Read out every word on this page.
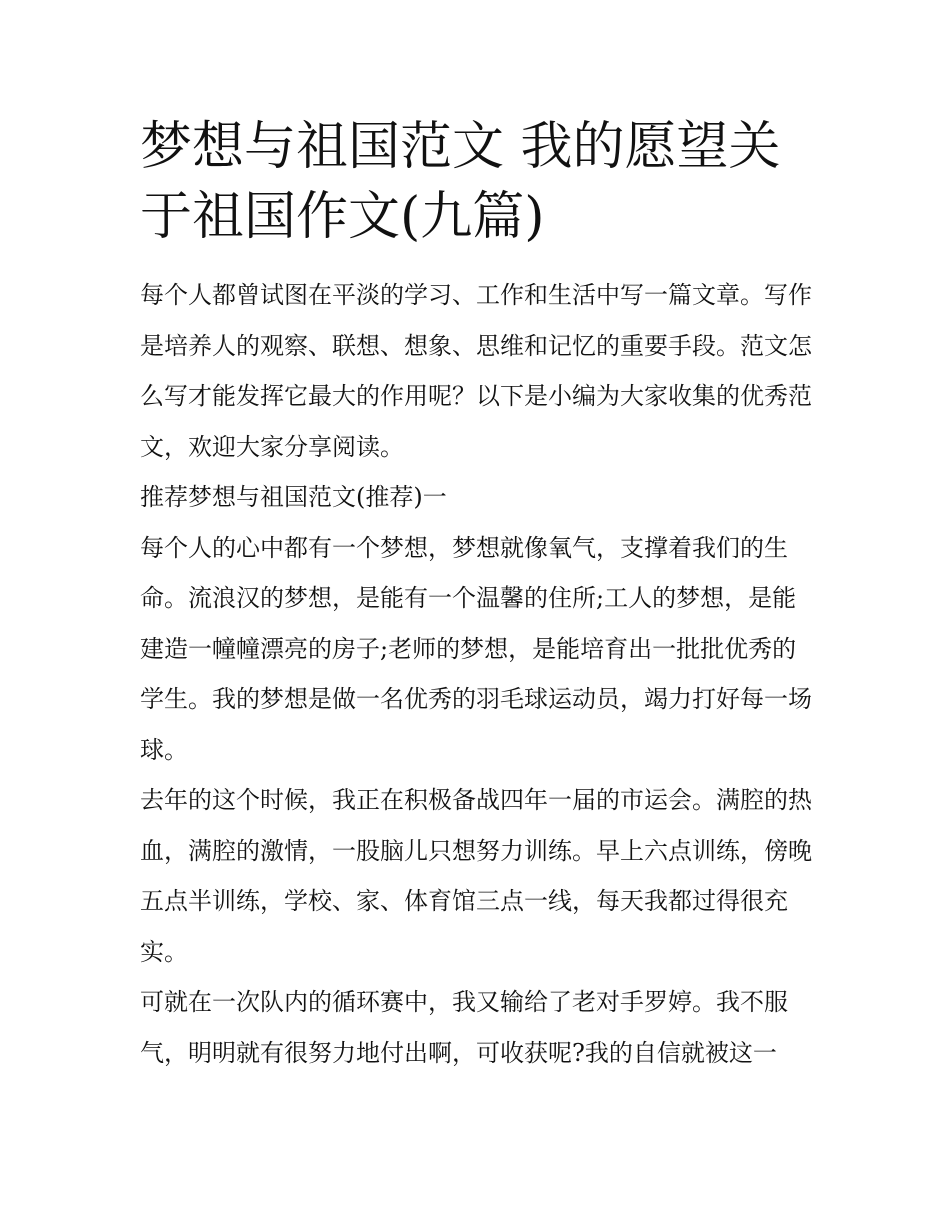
梦想与祖国范文 我的愿望关于祖国作文(九篇)

每个人都曾试图在平淡的学习、工作和生活中写一篇文章。写作是培养人的观察、联想、想象、思维和记忆的重要手段。范文怎么写才能发挥它最大的作用呢？以下是小编为大家收集的优秀范文，欢迎大家分享阅读。

推荐梦想与祖国范文(推荐)一

每个人的心中都有一个梦想，梦想就像氧气，支撑着我们的生命。流浪汉的梦想，是能有一个温馨的住所;工人的梦想，是能建造一幢幢漂亮的房子;老师的梦想，是能培育出一批批优秀的学生。我的梦想是做一名优秀的羽毛球运动员，竭力打好每一场球。

去年的这个时候，我正在积极备战四年一届的市运会。满腔的热血，满腔的激情，一股脑儿只想努力训练。早上六点训练，傍晚五点半训练，学校、家、体育馆三点一线，每天我都过得很充实。

可就在一次队内的循环赛中，我又输给了老对手罗婷。我不服气，明明就有很努力地付出啊，可收获呢?我的自信就被这一
